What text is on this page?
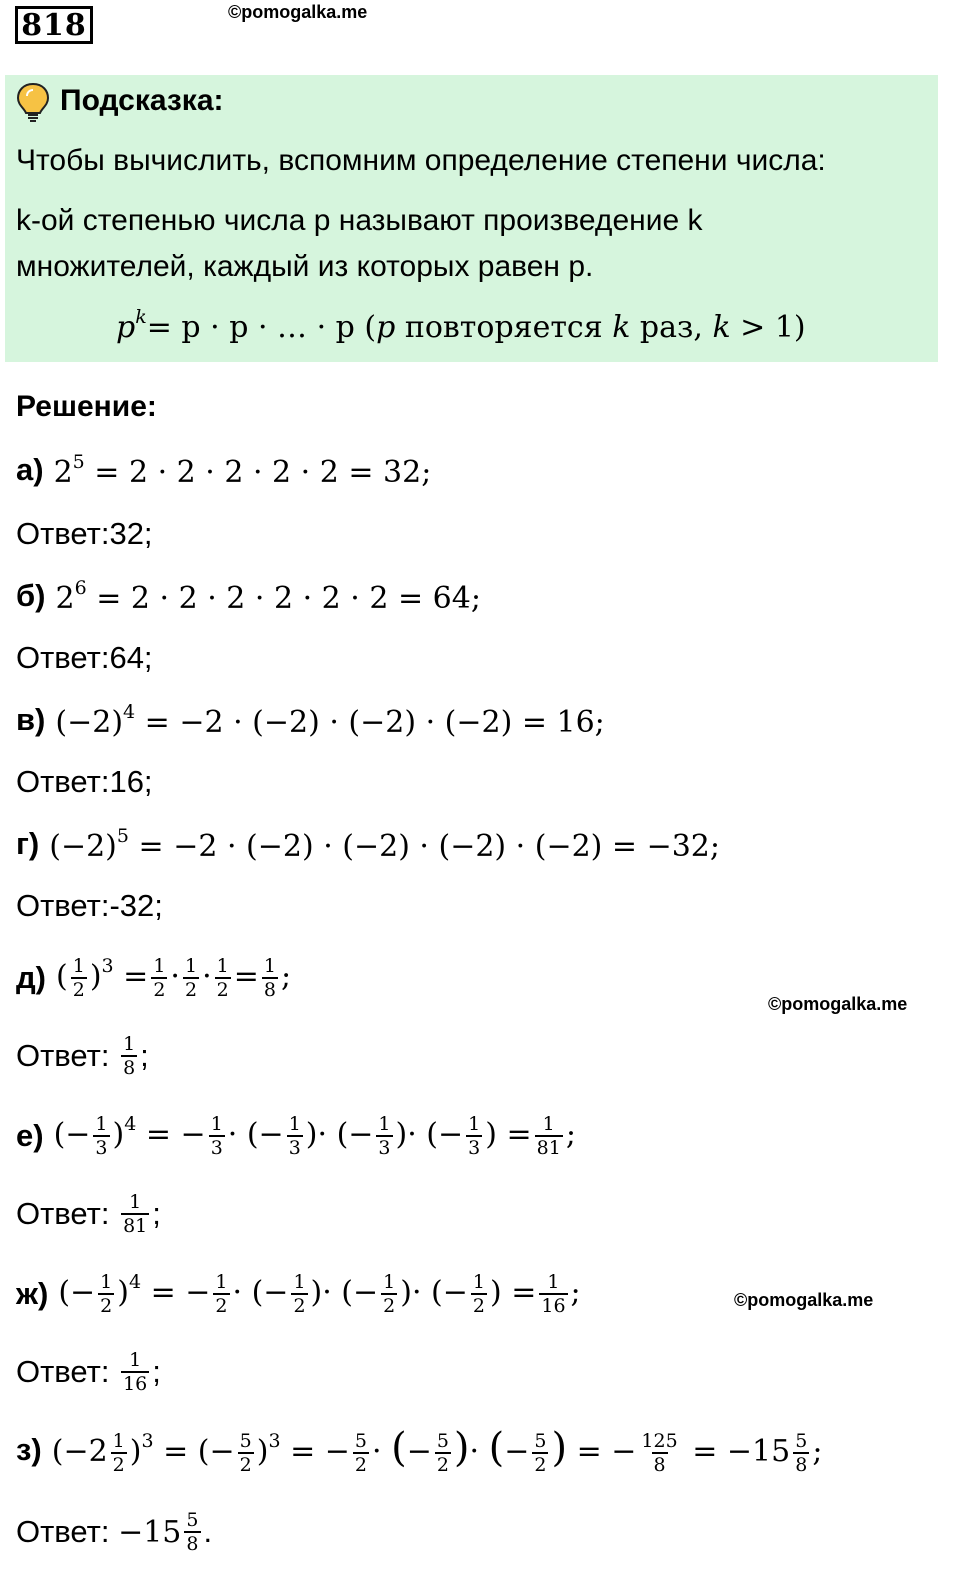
818	©pomogalka.me
Подсказка:
Чтобы вычислить, вспомним определение степени числа:
k-ой степенью числа p называют произведение k
множителей, каждый из которых равен p.
$p^k= p \cdot p$ · … · p (p повторяется k раз, k > 1)
Решение:
а) $2^5 = 2 \cdot 2 \cdot 2 \cdot 2 \cdot 2 = 32$;
Ответ:32;
б) $2^6 = 2 \cdot 2 \cdot 2 \cdot 2 \cdot 2 \cdot 2 = 64$;
Ответ:64;
в) $(-2)^4 = -2 \cdot (-2) \cdot (-2) \cdot (-2) = 16$;
Ответ:16;
г) $(-2)^5 = -2 \cdot (-2) \cdot (-2) \cdot (-2) \cdot (-2) = -32$;
Ответ:-32;
д) ( $\frac{1}{2} )^3 = \frac{1}{2} \cdot \frac{1}{2} \cdot \frac{1}{2} = \frac{1}{8}$ ;
©pomogalka.me
Ответ: $\frac{1}{8}$ ;
е) (− $\frac{1}{3} )^4$ = − $\frac{1}{3}$ · (− $\frac{1}{3}$ )· (− $\frac{1}{3}$ )· (− $\frac{1}{3}$ ) = $\frac{1}{81}$ ;
Ответ: $\frac{1}{81}$ ;
ж) (− $\frac{1}{2} )^4$ = − $\frac{1}{2}$ · (− $\frac{1}{2}$ )· (− $\frac{1}{2}$ )· (− $\frac{1}{2}$ ) = $\frac{1}{16}$ ;	©pomogalka.me
Ответ: $\frac{1}{16}$ ;
з) $(-2 \frac{1}{2} )^3$ = (− $\frac{5}{2} )^3$ = − $\frac{5}{2}$ · (− $\frac{5}{2}$ )· (− $\frac{5}{2}$ ) = − $\frac{125}{8} = -15 \frac{5}{8}$ ;
Ответ: $-15 \frac{5}{8}$ .
